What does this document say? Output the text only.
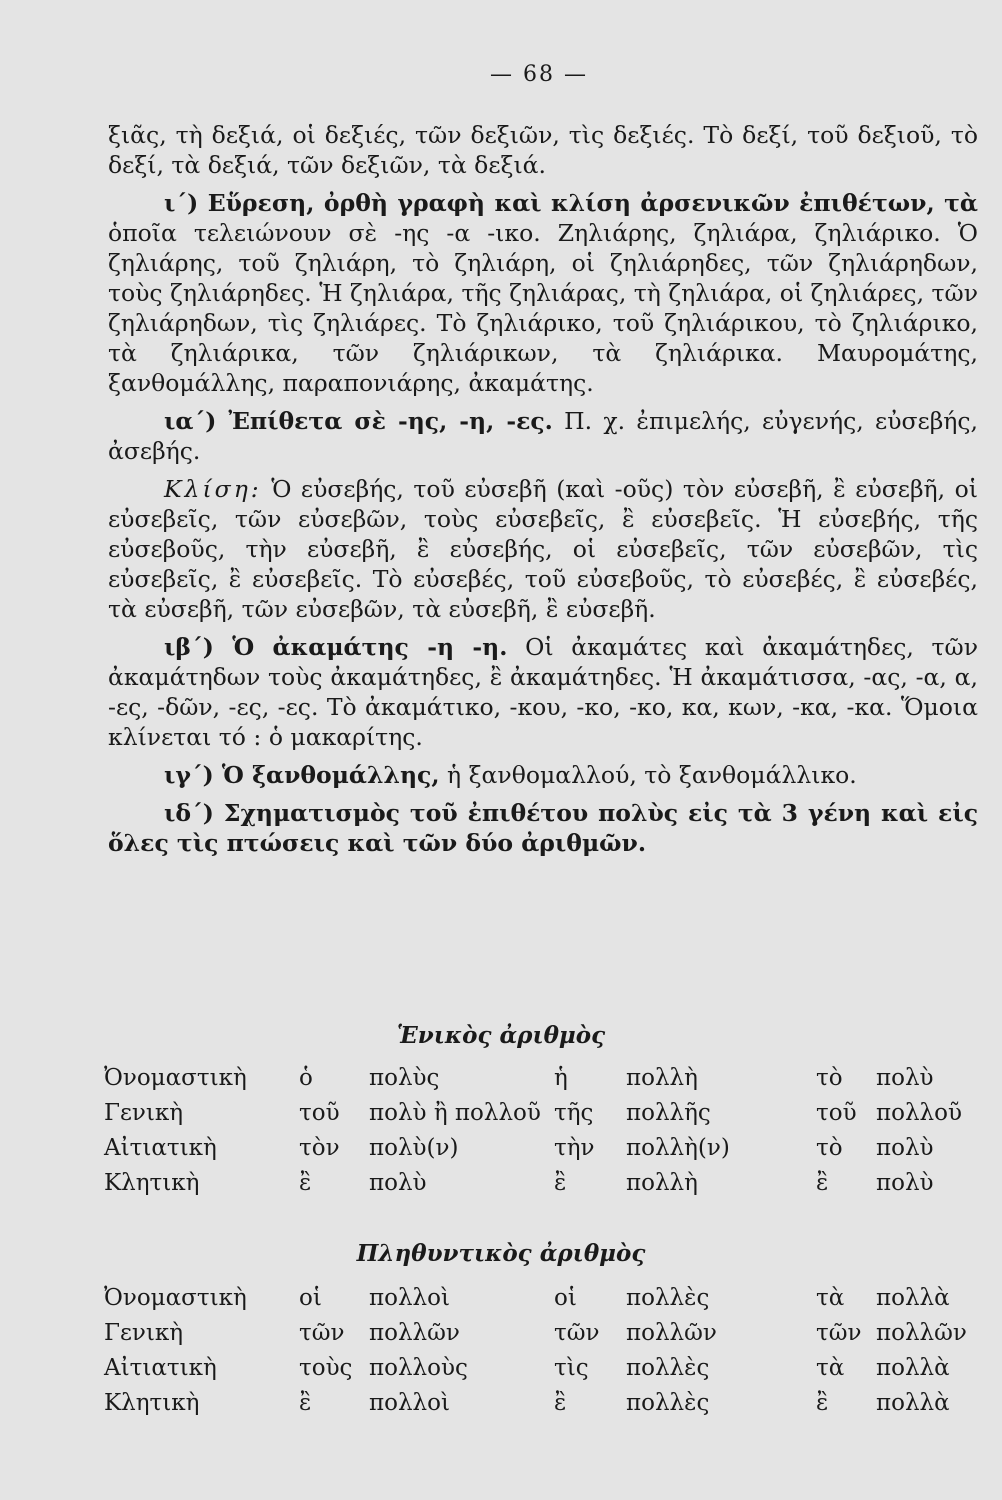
— 68 —

ξιᾶς, τὴ δεξιά, οἱ δεξιές, τῶν δεξιῶν, τὶς δεξιές. Τὸ δεξί, τοῦ δεξιοῦ, τὸ δεξί, τὰ δεξιά, τῶν δεξιῶν, τὰ δεξιά.

ι΄) Εὕρεση, ὀρθὴ γραφὴ καὶ κλίση ἀρσενικῶν ἐπιθέτων, τὰ ὁποῖα τελειώνουν σὲ -ης -α -ικο. Ζηλιάρης, ζηλιάρα, ζηλιάρικο. Ὁ ζηλιάρης, τοῦ ζηλιάρη, τὸ ζηλιάρη, οἱ ζηλιάρηδες, τῶν ζηλιάρηδων, τοὺς ζηλιάρηδες. Ἡ ζηλιάρα, τῆς ζηλιάρας, τὴ ζηλιάρα, οἱ ζηλιάρες, τῶν ζηλιάρηδων, τὶς ζηλιάρες. Τὸ ζηλιάρικο, τοῦ ζηλιάρικου, τὸ ζηλιάρικο, τὰ ζηλιάρικα, τῶν ζηλιάρικων, τὰ ζηλιάρικα. Μαυρομάτης, ξανθομάλλης, παραπονιάρης, ἀκαμάτης.

ια΄) Ἐπίθετα σὲ -ης, -η, -ες. Π. χ. ἐπιμελής, εὐγενής, εὐσεβής, ἀσεβής.

Κλίση: Ὁ εὐσεβής, τοῦ εὐσεβῆ (καὶ -οῦς) τὸν εὐσεβῆ, ἒ εὐσεβῆ, οἱ εὐσεβεῖς, τῶν εὐσεβῶν, τοὺς εὐσεβεῖς, ἒ εὐσεβεῖς. Ἡ εὐσεβής, τῆς εὐσεβοῦς, τὴν εὐσεβῆ, ἒ εὐσεβής, οἱ εὐσεβεῖς, τῶν εὐσεβῶν, τὶς εὐσεβεῖς, ἒ εὐσεβεῖς. Τὸ εὐσεβές, τοῦ εὐσεβοῦς, τὸ εὐσεβές, ἒ εὐσεβές, τὰ εὐσεβῆ, τῶν εὐσεβῶν, τὰ εὐσεβῆ, ἒ εὐσεβῆ.

ιβ΄) Ὁ ἀκαμάτης -η -η. Οἱ ἀκαμάτες καὶ ἀκαμάτηδες, τῶν ἀκαμάτηδων τοὺς ἀκαμάτηδες, ἒ ἀκαμάτηδες. Ἡ ἀκαμάτισσα, -ας, -α, α, -ες, -δῶν, -ες, -ες. Τὸ ἀκαμάτικο, -κου, -κο, -κο, κα, κων, -κα, -κα. Ὅμοια κλίνεται τό : ὁ μακαρίτης.

ιγ΄) Ὁ ξανθομάλλης, ἡ ξανθομαλλού, τὸ ξανθομάλλικο.

ιδ΄) Σχηματισμὸς τοῦ ἐπιθέτου πολὺς εἰς τὰ 3 γένη καὶ εἰς ὅλες τὶς πτώσεις καὶ τῶν δύο ἀριθμῶν.

Ἑνικὸς ἀριθμὸς
Ὀνομαστικὴ	ὁ	πολὺς	ἡ	πολλὴ	τὸ	πολὺ
Γενικὴ	τοῦ	πολὺ ἢ πολλοῦ	τῆς	πολλῆς	τοῦ	πολλοῦ
Αἰτιατικὴ	τὸν	πολὺ(ν)	τὴν	πολλὴ(ν)	τὸ	πολὺ
Κλητικὴ	ἒ	πολὺ	ἒ	πολλὴ	ἒ	πολὺ
Πληθυντικὸς ἀριθμὸς
Ὀνομαστικὴ	οἱ	πολλοὶ	οἱ	πολλὲς	τὰ	πολλὰ
Γενικὴ	τῶν	πολλῶν	τῶν	πολλῶν	τῶν	πολλῶν
Αἰτιατικὴ	τοὺς	πολλοὺς	τὶς	πολλὲς	τὰ	πολλὰ
Κλητικὴ	ἒ	πολλοὶ	ἒ	πολλὲς	ἒ	πολλὰ
